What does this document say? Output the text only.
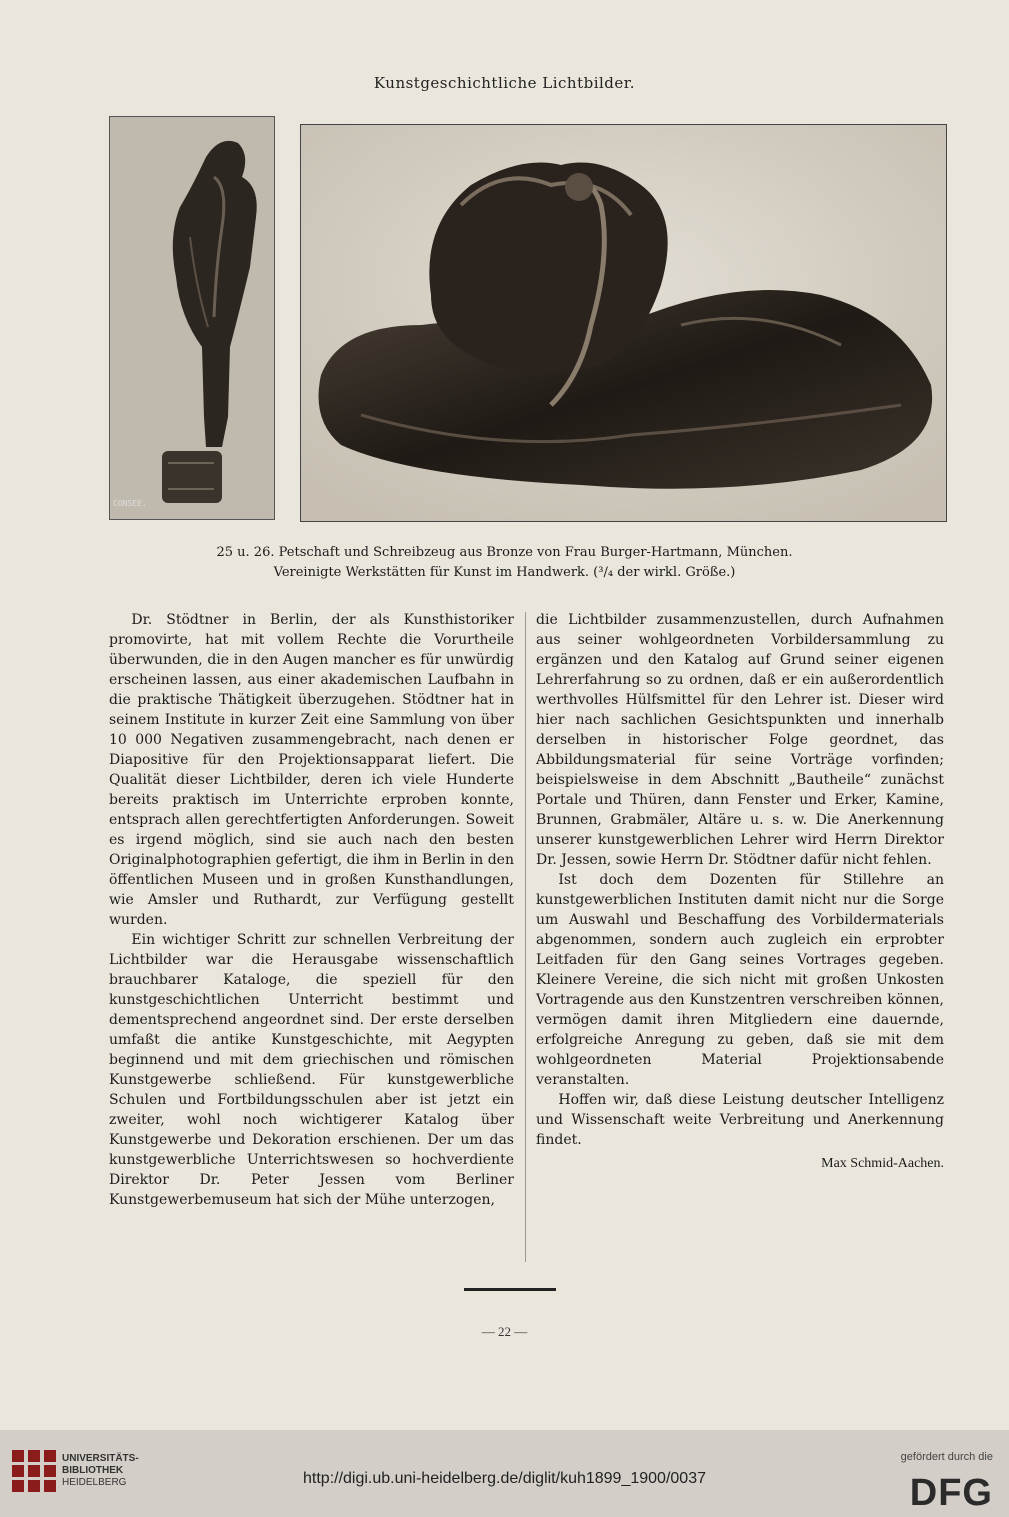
Kunstgeschichtliche Lichtbilder.
CONSEE.
25 u. 26. Petschaft und Schreibzeug aus Bronze von Frau Burger-Hartmann, München.
Vereinigte Werkstätten für Kunst im Handwerk. (³/₄ der wirkl. Größe.)

Dr. Stödtner in Berlin, der als Kunsthistoriker promovirte, hat mit vollem Rechte die Vorurtheile überwunden, die in den Augen mancher es für unwürdig erscheinen lassen, aus einer akademischen Laufbahn in die praktische Thätigkeit überzugehen. Stödtner hat in seinem Institute in kurzer Zeit eine Sammlung von über 10 000 Negativen zusammengebracht, nach denen er Diapositive für den Projektionsapparat liefert. Die Qualität dieser Lichtbilder, deren ich viele Hunderte bereits praktisch im Unterrichte erproben konnte, entsprach allen gerechtfertigten Anforderungen. Soweit es irgend möglich, sind sie auch nach den besten Originalphotographien gefertigt, die ihm in Berlin in den öffentlichen Museen und in großen Kunsthandlungen, wie Amsler und Ruthardt, zur Verfügung gestellt wurden.

Ein wichtiger Schritt zur schnellen Verbreitung der Lichtbilder war die Herausgabe wissenschaftlich brauchbarer Kataloge, die speziell für den kunstgeschichtlichen Unterricht bestimmt und dementsprechend angeordnet sind. Der erste derselben umfaßt die antike Kunstgeschichte, mit Aegypten beginnend und mit dem griechischen und römischen Kunstgewerbe schließend. Für kunstgewerbliche Schulen und Fortbildungsschulen aber ist jetzt ein zweiter, wohl noch wichtigerer Katalog über Kunstgewerbe und Dekoration erschienen. Der um das kunstgewerbliche Unterrichtswesen so hochverdiente Direktor Dr. Peter Jessen vom Berliner Kunstgewerbemuseum hat sich der Mühe unterzogen,

die Lichtbilder zusammenzustellen, durch Aufnahmen aus seiner wohlgeordneten Vorbildersammlung zu ergänzen und den Katalog auf Grund seiner eigenen Lehrerfahrung so zu ordnen, daß er ein außerordentlich werthvolles Hülfsmittel für den Lehrer ist. Dieser wird hier nach sachlichen Gesichtspunkten und innerhalb derselben in historischer Folge geordnet, das Abbildungsmaterial für seine Vorträge vorfinden; beispielsweise in dem Abschnitt „Bautheile“ zunächst Portale und Thüren, dann Fenster und Erker, Kamine, Brunnen, Grabmäler, Altäre u. s. w. Die Anerkennung unserer kunstgewerblichen Lehrer wird Herrn Direktor Dr. Jessen, sowie Herrn Dr. Stödtner dafür nicht fehlen.

Ist doch dem Dozenten für Stillehre an kunstgewerblichen Instituten damit nicht nur die Sorge um Auswahl und Beschaffung des Vorbildermaterials abgenommen, sondern auch zugleich ein erprobter Leitfaden für den Gang seines Vortrages gegeben. Kleinere Vereine, die sich nicht mit großen Unkosten Vortragende aus den Kunstzentren verschreiben können, vermögen damit ihren Mitgliedern eine dauernde, erfolgreiche Anregung zu geben, daß sie mit dem wohlgeordneten Material Projektionsabende veranstalten.

Hoffen wir, daß diese Leistung deutscher Intelligenz und Wissenschaft weite Verbreitung und Anerkennung findet.

Max Schmid-Aachen.
— 22 —
UNIVERSITÄTS-
BIBLIOTHEK
HEIDELBERG	http://digi.ub.uni-heidelberg.de/diglit/kuh1899_1900/0037
gefördert durch die
DFG
